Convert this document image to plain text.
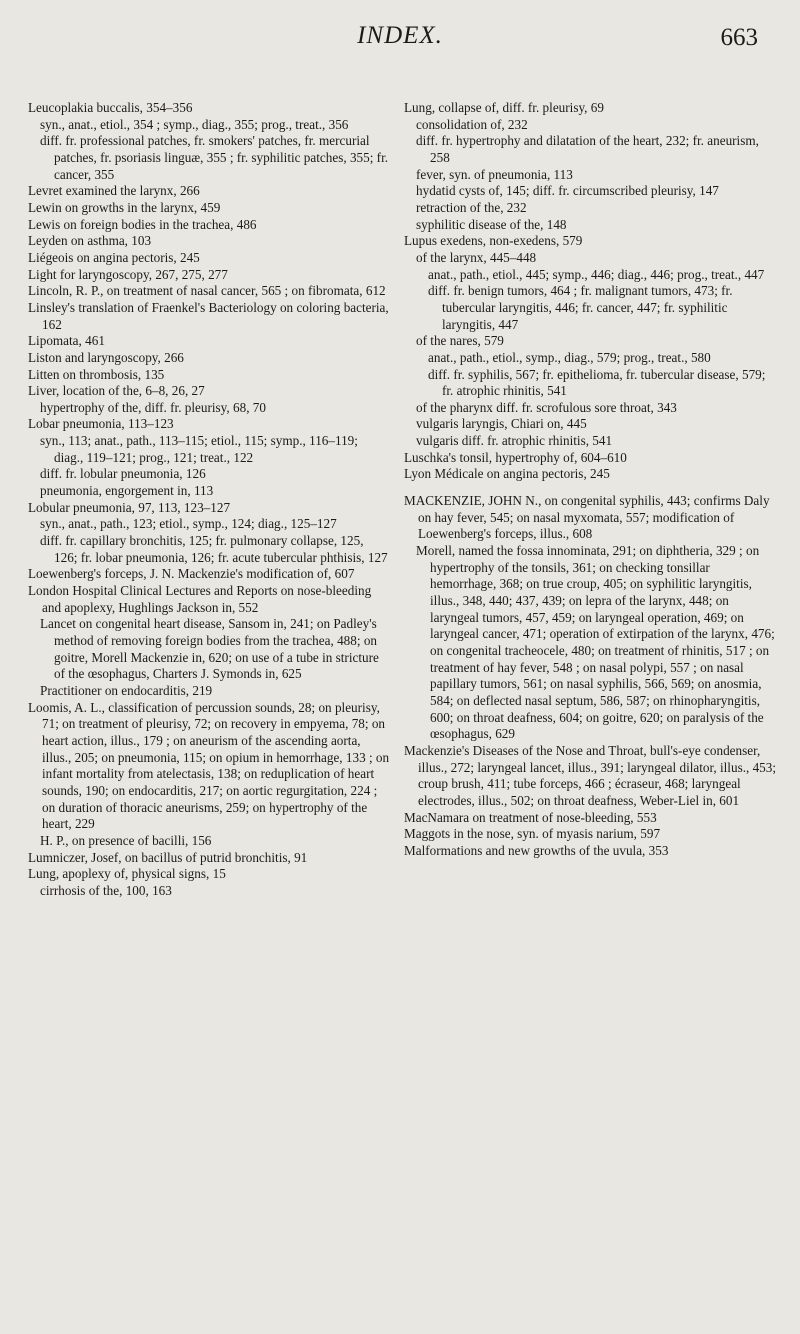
INDEX.	663
Leucoplakia buccalis, 354–356
syn., anat., etiol., 354 ; symp., diag., 355; prog., treat., 356
diff. fr. professional patches, fr. smokers' patches, fr. mercurial patches, fr. psoriasis linguæ, 355 ; fr. syphilitic patches, 355; fr. cancer, 355
Levret examined the larynx, 266
Lewin on growths in the larynx, 459
Lewis on foreign bodies in the trachea, 486
Leyden on asthma, 103
Liégeois on angina pectoris, 245
Light for laryngoscopy, 267, 275, 277
Lincoln, R. P., on treatment of nasal cancer, 565 ; on fibromata, 612
Linsley's translation of Fraenkel's Bacteriology on coloring bacteria, 162
Lipomata, 461
Liston and laryngoscopy, 266
Litten on thrombosis, 135
Liver, location of the, 6–8, 26, 27
hypertrophy of the, diff. fr. pleurisy, 68, 70
Lobar pneumonia, 113–123
syn., 113; anat., path., 113–115; etiol., 115; symp., 116–119; diag., 119–121; prog., 121; treat., 122
diff. fr. lobular pneumonia, 126
pneumonia, engorgement in, 113
Lobular pneumonia, 97, 113, 123–127
syn., anat., path., 123; etiol., symp., 124; diag., 125–127
diff. fr. capillary bronchitis, 125; fr. pulmonary collapse, 125, 126; fr. lobar pneumonia, 126; fr. acute tubercular phthisis, 127
Loewenberg's forceps, J. N. Mackenzie's modification of, 607
London Hospital Clinical Lectures and Reports on nose-bleeding and apoplexy, Hughlings Jackson in, 552
Lancet on congenital heart disease, Sansom in, 241; on Padley's method of removing foreign bodies from the trachea, 488; on goitre, Morell Mackenzie in, 620; on use of a tube in stricture of the œsophagus, Charters J. Symonds in, 625
Practitioner on endocarditis, 219
Loomis, A. L., classification of percussion sounds, 28; on pleurisy, 71; on treatment of pleurisy, 72; on recovery in empyema, 78; on heart action, illus., 179 ; on aneurism of the ascending aorta, illus., 205; on pneumonia, 115; on opium in hemorrhage, 133 ; on infant mortality from atelectasis, 138; on reduplication of heart sounds, 190; on endocarditis, 217; on aortic regurgitation, 224 ; on duration of thoracic aneurisms, 259; on hypertrophy of the heart, 229
H. P., on presence of bacilli, 156
Lumniczer, Josef, on bacillus of putrid bronchitis, 91
Lung, apoplexy of, physical signs, 15
cirrhosis of the, 100, 163
Lung, collapse of, diff. fr. pleurisy, 69
consolidation of, 232
diff. fr. hypertrophy and dilatation of the heart, 232; fr. aneurism, 258
fever, syn. of pneumonia, 113
hydatid cysts of, 145; diff. fr. circumscribed pleurisy, 147
retraction of the, 232
syphilitic disease of the, 148
Lupus exedens, non-exedens, 579
of the larynx, 445–448
anat., path., etiol., 445; symp., 446; diag., 446; prog., treat., 447
diff. fr. benign tumors, 464 ; fr. malignant tumors, 473; fr. tubercular laryngitis, 446; fr. cancer, 447; fr. syphilitic laryngitis, 447
of the nares, 579
anat., path., etiol., symp., diag., 579; prog., treat., 580
diff. fr. syphilis, 567; fr. epithelioma, fr. tubercular disease, 579; fr. atrophic rhinitis, 541
of the pharynx diff. fr. scrofulous sore throat, 343
vulgaris laryngis, Chiari on, 445
vulgaris diff. fr. atrophic rhinitis, 541
Luschka's tonsil, hypertrophy of, 604–610
Lyon Médicale on angina pectoris, 245
MACKENZIE, JOHN N., on congenital syphilis, 443; confirms Daly on hay fever, 545; on nasal myxomata, 557; modification of Loewenberg's forceps, illus., 608
Morell, named the fossa innominata, 291; on diphtheria, 329 ; on hypertrophy of the tonsils, 361; on checking tonsillar hemorrhage, 368; on true croup, 405; on syphilitic laryngitis, illus., 348, 440; 437, 439; on lepra of the larynx, 448; on laryngeal tumors, 457, 459; on laryngeal operation, 469; on laryngeal cancer, 471; operation of extirpation of the larynx, 476; on congenital tracheocele, 480; on treatment of rhinitis, 517 ; on treatment of hay fever, 548 ; on nasal polypi, 557 ; on nasal papillary tumors, 561; on nasal syphilis, 566, 569; on anosmia, 584; on deflected nasal septum, 586, 587; on rhinopharyngitis, 600; on throat deafness, 604; on goitre, 620; on paralysis of the œsophagus, 629
Mackenzie's Diseases of the Nose and Throat, bull's-eye condenser, illus., 272; laryngeal lancet, illus., 391; laryngeal dilator, illus., 453; croup brush, 411; tube forceps, 466 ; écraseur, 468; laryngeal electrodes, illus., 502; on throat deafness, Weber-Liel in, 601
MacNamara on treatment of nose-bleeding, 553
Maggots in the nose, syn. of myasis narium, 597
Malformations and new growths of the uvula, 353
